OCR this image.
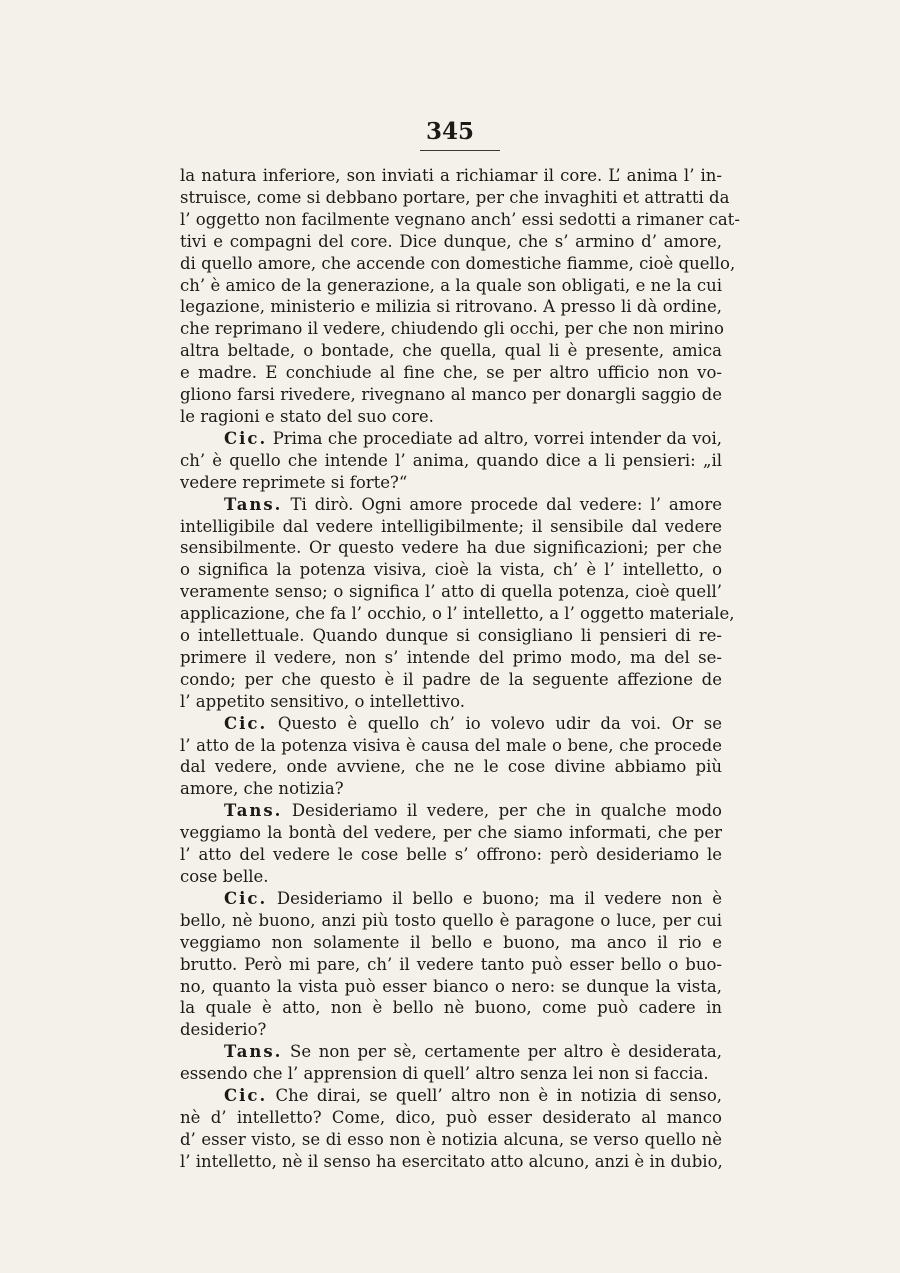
345
la natura inferiore, son inviati a richiamar il core. L’ anima l’ in-
struisce, come si debbano portare, per che invaghiti et attratti da
l’ oggetto non facilmente vegnano anch’ essi sedotti a rimaner cat-
tivi e compagni del core. Dice dunque, che s’ armino d’ amore,
di quello amore, che accende con domestiche fiamme, cioè quello,
ch’ è amico de la generazione, a la quale son obligati, e ne la cui
legazione, ministerio e milizia si ritrovano. A presso li dà ordine,
che reprimano il vedere, chiudendo gli occhi, per che non mirino
altra beltade, o bontade, che quella, qual li è presente, amica
e madre. E conchiude al fine che, se per altro ufficio non vo-
gliono farsi rivedere, rivegnano al manco per donargli saggio de
le ragioni e stato del suo core.
Cic. Prima che procediate ad altro, vorrei intender da voi,
ch’ è quello che intende l’ anima, quando dice a li pensieri: „il
vedere reprimete si forte?“
Tans. Ti dirò. Ogni amore procede dal vedere: l’ amore
intelligibile dal vedere intelligibilmente; il sensibile dal vedere
sensibilmente. Or questo vedere ha due significazioni; per che
o significa la potenza visiva, cioè la vista, ch’ è l’ intelletto, o
veramente senso; o significa l’ atto di quella potenza, cioè quell’
applicazione, che fa l’ occhio, o l’ intelletto, a l’ oggetto materiale,
o intellettuale. Quando dunque si consigliano li pensieri di re-
primere il vedere, non s’ intende del primo modo, ma del se-
condo; per che questo è il padre de la seguente affezione de
l’ appetito sensitivo, o intellettivo.
Cic. Questo è quello ch’ io volevo udir da voi. Or se
l’ atto de la potenza visiva è causa del male o bene, che procede
dal vedere, onde avviene, che ne le cose divine abbiamo più
amore, che notizia?
Tans. Desideriamo il vedere, per che in qualche modo
veggiamo la bontà del vedere, per che siamo informati, che per
l’ atto del vedere le cose belle s’ offrono: però desideriamo le
cose belle.
Cic. Desideriamo il bello e buono; ma il vedere non è
bello, nè buono, anzi più tosto quello è paragone o luce, per cui
veggiamo non solamente il bello e buono, ma anco il rio e
brutto. Però mi pare, ch’ il vedere tanto può esser bello o buo-
no, quanto la vista può esser bianco o nero: se dunque la vista,
la quale è atto, non è bello nè buono, come può cadere in
desiderio?
Tans. Se non per sè, certamente per altro è desiderata,
essendo che l’ apprension di quell’ altro senza lei non si faccia.
Cic. Che dirai, se quell’ altro non è in notizia di senso,
nè d’ intelletto? Come, dico, può esser desiderato al manco
d’ esser visto, se di esso non è notizia alcuna, se verso quello nè
l’ intelletto, nè il senso ha esercitato atto alcuno, anzi è in dubio,
